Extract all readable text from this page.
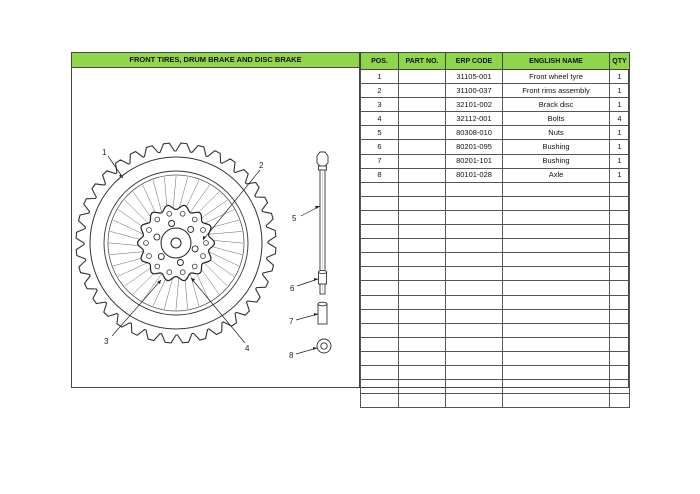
FRONT TIRES, DRUM BRAKE AND DISC BRAKE
1
2
3
4
5
6
7
8
POS.	PART NO.	ERP CODE	ENGLISH NAME	QTY
1		31105-001	Front wheel tyre	1
2		31100-037	Front rims assembly	1
3		32101-002	Brack disc	1
4		32112-001	Bolts	4
5		80308-010	Nuts	1
6		80201-095	Bushing	1
7		80201-101	Bushing	1
8		80101-028	Axle	1
